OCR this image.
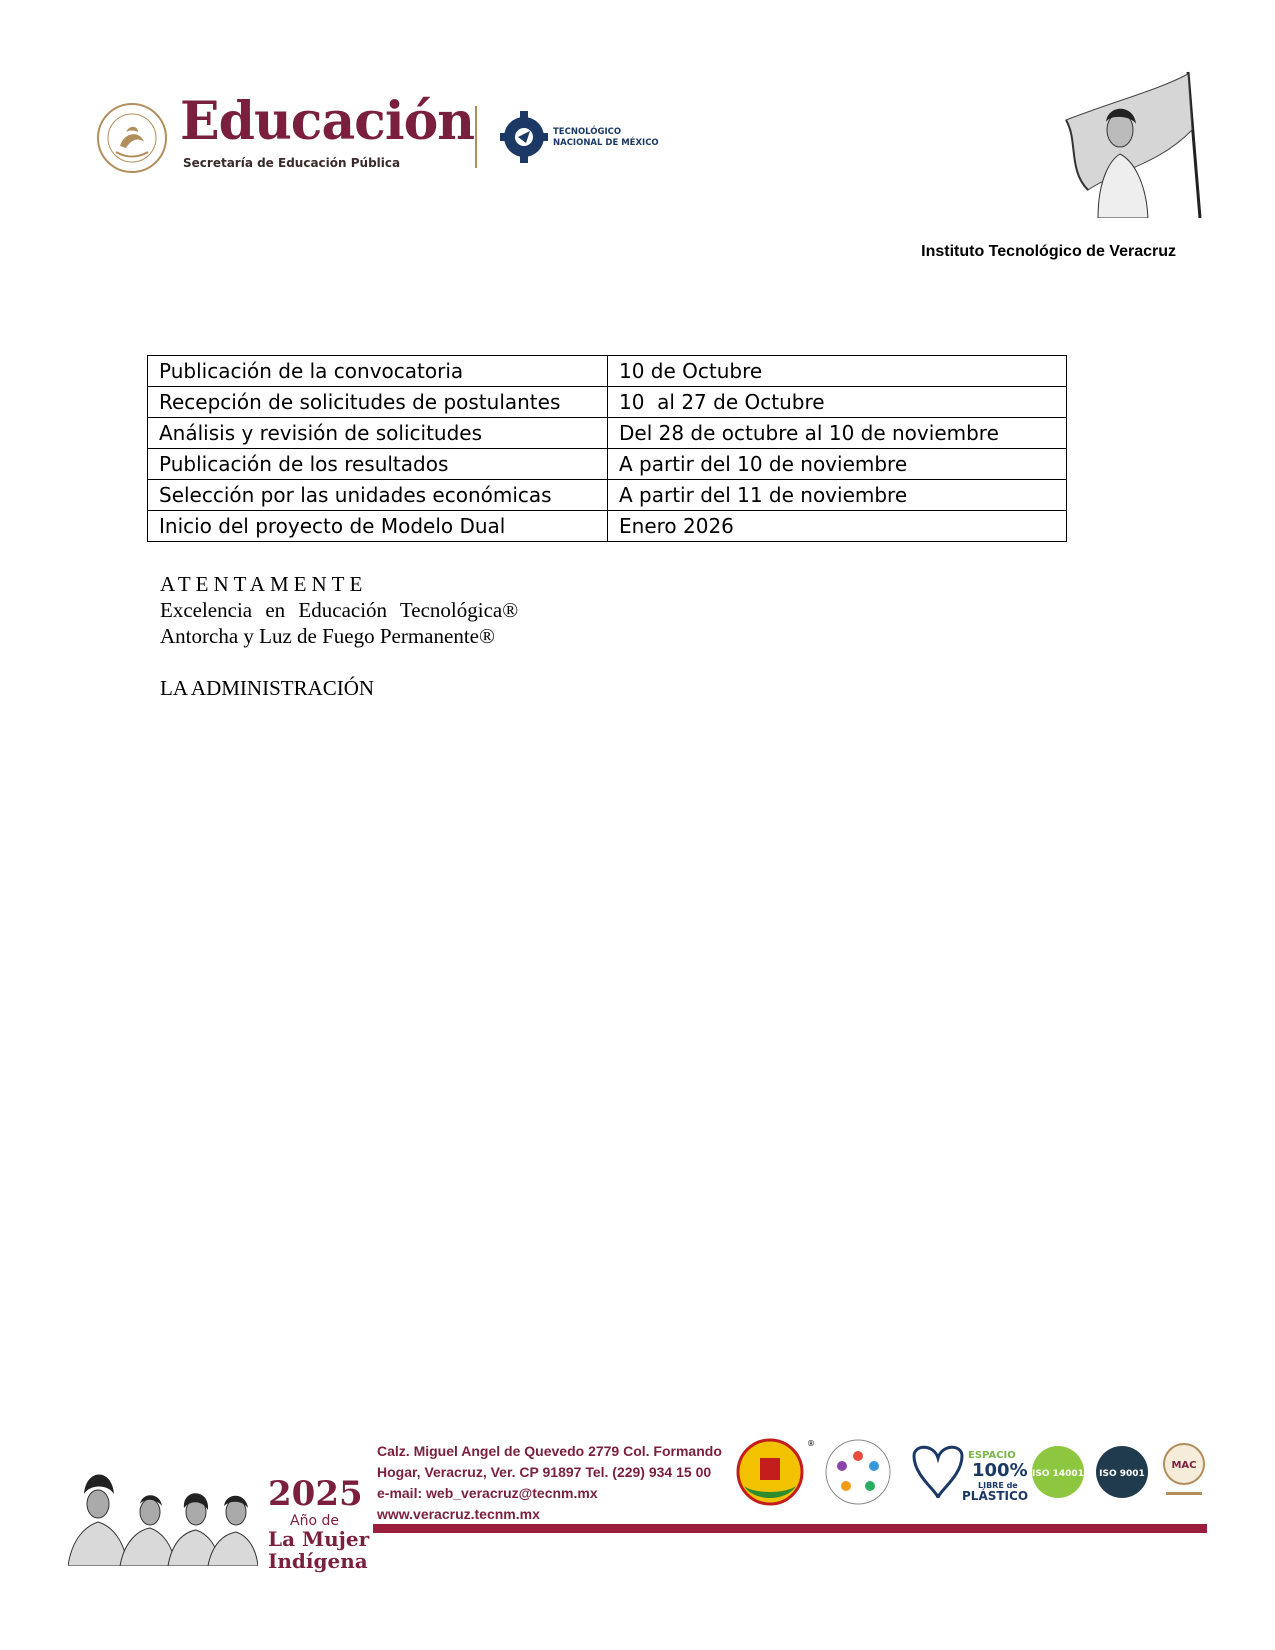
Educación
Secretaría de Educación Pública
TECNOLÓGICO
NACIONAL DE MÉXICO
Instituto Tecnológico de Veracruz
Publicación de la convocatoria	10 de Octubre
Recepción de solicitudes de postulantes	10  al 27 de Octubre
Análisis y revisión de solicitudes	Del 28 de octubre al 10 de noviembre
Publicación de los resultados	A partir del 10 de noviembre
Selección por las unidades económicas	A partir del 11 de noviembre
Inicio del proyecto de Modelo Dual	Enero 2026
ATENTAMENTE
Excelencia en Educación Tecnológica®
Antorcha y Luz de Fuego Permanente®
LA ADMINISTRACIÓN
2025
Año de
La Mujer
Indígena
Calz. Miguel Angel de Quevedo 2779 Col. Formando
Hogar, Veracruz, Ver. CP 91897 Tel. (229) 934 15 00
e-mail: web_veracruz@tecnm.mx
www.veracruz.tecnm.mx
®
ESPACIO
100%
LIBRE de
PLÁSTICO
ISO 14001 ISO 9001
MAC
